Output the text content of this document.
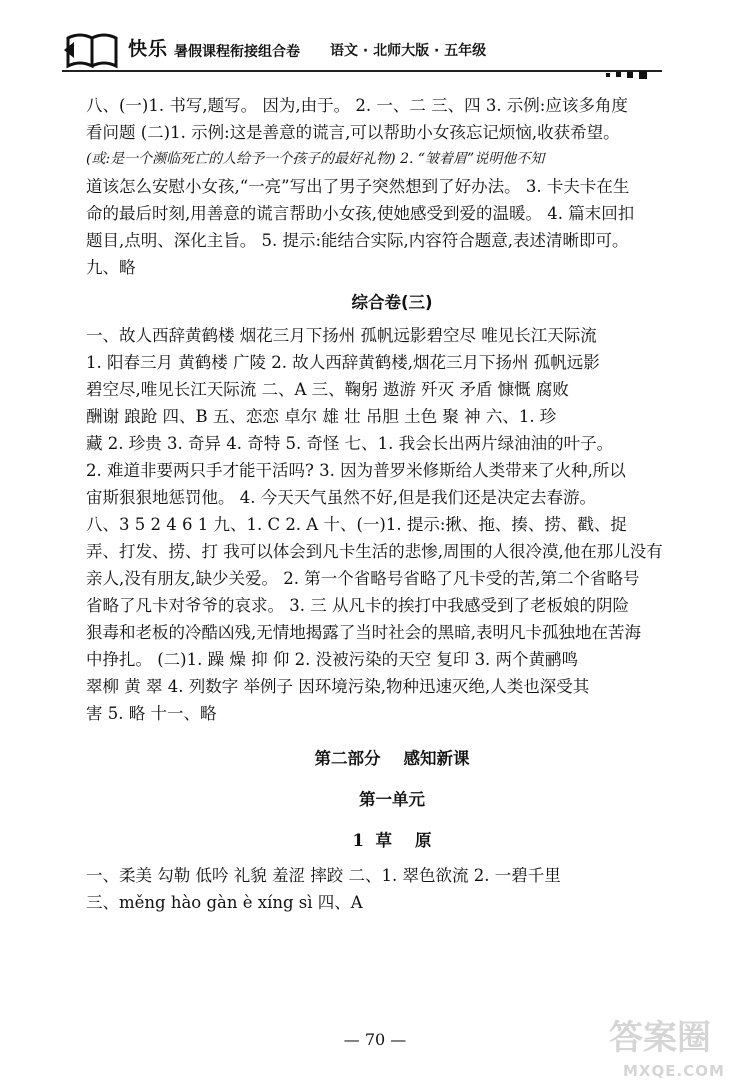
快乐 暑假课程衔接组合卷 语文 · 北师大版 · 五年级
八、(一)1. 书写,题写。 因为,由于。 2. 一、二 三、四 3. 示例:应该多角度
看问题 (二)1. 示例:这是善意的谎言,可以帮助小女孩忘记烦恼,收获希望。
(或:是一个濒临死亡的人给予一个孩子的最好礼物) 2. “皱着眉”说明他不知
道该怎么安慰小女孩,“一亮”写出了男子突然想到了好办法。 3. 卡夫卡在生
命的最后时刻,用善意的谎言帮助小女孩,使她感受到爱的温暖。 4. 篇末回扣
题目,点明、深化主旨。 5. 提示:能结合实际,内容符合题意,表述清晰即可。
九、略
综合卷(三)
一、故人西辞黄鹤楼 烟花三月下扬州 孤帆远影碧空尽 唯见长江天际流
1. 阳春三月 黄鹤楼 广陵 2. 故人西辞黄鹤楼,烟花三月下扬州 孤帆远影
碧空尽,唯见长江天际流 二、A 三、鞠躬 遨游 歼灭 矛盾 慷慨 腐败
酬谢 踉跄 四、B 五、恋恋 卓尔 雄 壮 吊胆 土色 聚 神 六、1. 珍
藏 2. 珍贵 3. 奇异 4. 奇特 5. 奇怪 七、1. 我会长出两片绿油油的叶子。
2. 难道非要两只手才能干活吗? 3. 因为普罗米修斯给人类带来了火种,所以
宙斯狠狠地惩罚他。 4. 今天天气虽然不好,但是我们还是决定去春游。
八、3 5 2 4 6 1 九、1. C 2. A 十、(一)1. 提示:揪、拖、揍、捞、戳、捉
弄、打发、捞、打 我可以体会到凡卡生活的悲惨,周围的人很冷漠,他在那儿没有
亲人,没有朋友,缺少关爱。 2. 第一个省略号省略了凡卡受的苦,第二个省略号
省略了凡卡对爷爷的哀求。 3. 三 从凡卡的挨打中我感受到了老板娘的阴险
狠毒和老板的冷酷凶残,无情地揭露了当时社会的黑暗,表明凡卡孤独地在苦海
中挣扎。 (二)1. 躁 燥 抑 仰 2. 没被污染的天空 复印 3. 两个黄鹂鸣
翠柳 黄 翠 4. 列数字 举例子 因环境污染,物种迅速灭绝,人类也深受其
害 5. 略 十一、略
第二部分    感知新课
第一单元
1  草    原
一、柔美 勾勒 低吟 礼貌 羞涩 摔跤 二、1. 翠色欲流 2. 一碧千里
三、měng hào gàn è xíng sì 四、A
— 70 —	答案圈
MXQE.COM
